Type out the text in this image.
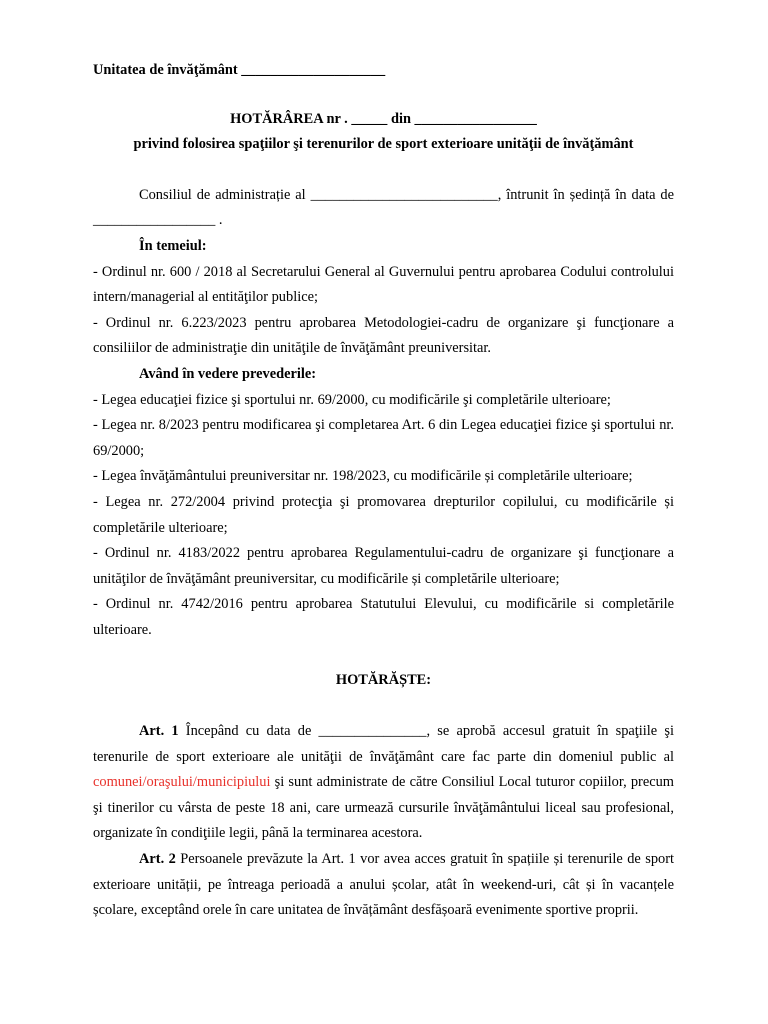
Unitatea de învăţământ ____________________

HOTĂRÂREA nr . _____ din _________________

privind folosirea spaţiilor şi terenurilor de sport exterioare unităţii de învăţământ

Consiliul de administrație al __________________________, întrunit în ședință în data de _________________ .

În temeiul:

- Ordinul nr. 600 / 2018 al Secretarului General al Guvernului pentru aprobarea Codului controlului intern/managerial al entităţilor publice;

- Ordinul nr. 6.223/2023 pentru aprobarea Metodologiei-cadru de organizare şi funcţionare a consiliilor de administraţie din unităţile de învăţământ preuniversitar.

Având în vedere prevederile:

- Legea educaţiei fizice şi sportului nr. 69/2000, cu modificările şi completările ulterioare;

- Legea nr. 8/2023 pentru modificarea şi completarea Art. 6 din Legea educaţiei fizice şi sportului nr. 69/2000;

- Legea învăţământului preuniversitar nr. 198/2023, cu modificările și completările ulterioare;

- Legea nr. 272/2004 privind protecţia şi promovarea drepturilor copilului, cu modificările și completările ulterioare;

- Ordinul nr. 4183/2022 pentru aprobarea Regulamentului-cadru de organizare şi funcţionare a unităţilor de învăţământ preuniversitar, cu modificările și completările ulterioare;

- Ordinul nr. 4742/2016 pentru aprobarea Statutului Elevului, cu modificările si completările ulterioare.

HOTĂRĂȘTE:

Art. 1 Începând cu data de _______________, se aprobă accesul gratuit în spaţiile şi terenurile de sport exterioare ale unităţii de învăţământ care fac parte din domeniul public al comunei/oraşului/municipiului şi sunt administrate de către Consiliul Local tuturor copiilor, precum şi tinerilor cu vârsta de peste 18 ani, care urmează cursurile învăţământului liceal sau profesional, organizate în condiţiile legii, până la terminarea acestora.

Art. 2 Persoanele prevăzute la Art. 1 vor avea acces gratuit în spațiile și terenurile de sport exterioare unității, pe întreaga perioadă a anului școlar, atât în weekend-uri, cât și în vacanțele școlare, exceptând orele în care unitatea de învățământ desfășoară evenimente sportive proprii.
